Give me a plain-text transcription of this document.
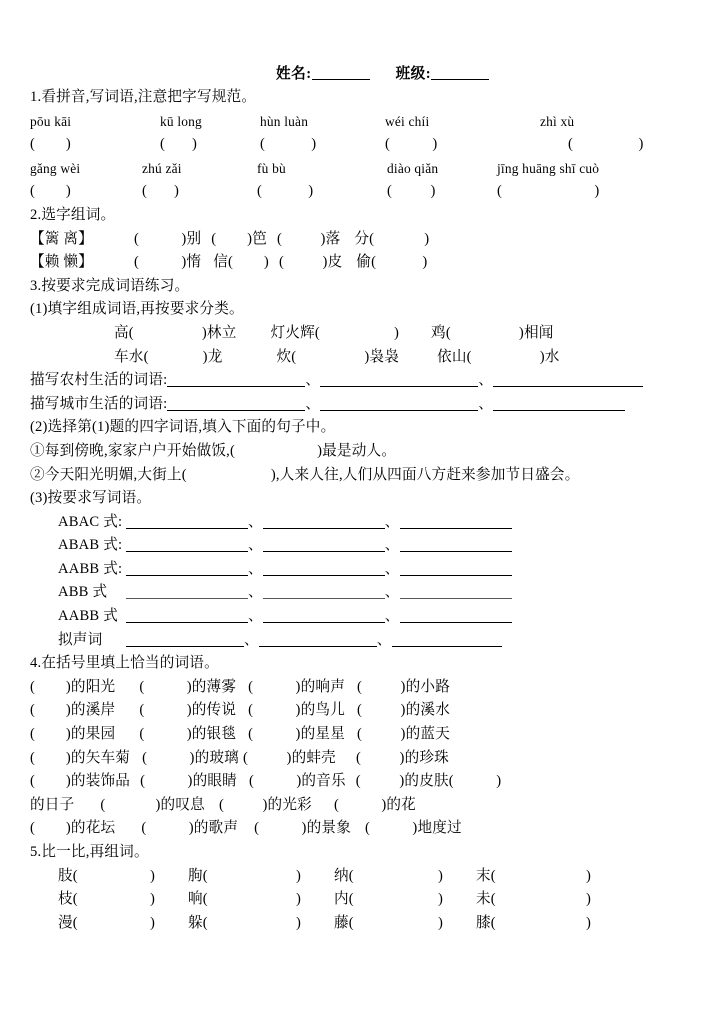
姓名:	班级:
1.看拼音,写词语,注意把字写规范。
pōu kāi	kū long	hùn luàn	wéi chíi	zhì xù
(        )	(       )	(            )	(           )	(                 )
gǎng wèi	zhú zǎi	fù bù	diào qiǎn	jīng huāng shī cuò
(        )	(       )	(            )	(          )	(                        )
2.选字组词。
【篱 离】	(           )别 (        )笆 (          )落 分(             )
【赖 懒】	(           )惰 信(        ) (          )皮 偷(            )
3.按要求完成词语练习。
(1)填字组成词语,再按要求分类。
高(	)林立 灯火辉(	) 鸡(	)相闻
车水(	)龙	炊(	)袅袅	依山(	)水
描写农村生活的词语:	、	、
描写城市生活的词语:	、	、
(2)选择第(1)题的四字词语,填入下面的句子中。
①每到傍晚,家家户户开始做饭,(	)最是动人。
②今天阳光明媚,大街上(	),人来人往,人们从四面八方赶来参加节日盛会。
(3)按要求写词语。
ABAC 式:	、	、
ABAB 式:	、	、
AABB 式:	、	、
ABB 式	、	、
AABB 式	、	、
拟声词	、	、
4.在括号里填上恰当的词语。
(        )的阳光 (           )的薄雾 (           )的响声 (          )的小路
(        )的溪岸 (           )的传说 (           )的鸟儿 (          )的溪水
(        )的果园 (           )的银毯 (           )的星星 (          )的蓝天
(        )的矢车菊 (           )的玻璃 (          )的蚌壳 (          )的珍珠
(        )的装饰品 (           )的眼睛 (           )的音乐 (          )的皮肤(           )
的日子 (             )的叹息 (          )的光彩 (           )的花
(        )的花坛 (           )的歌声 (           )的景象 (           )地度过
5.比一比,再组词。
肢(	) 朐(	) 纳(	) 末(	)
枝(	) 响(	) 内(	) 未(	)
漫(	) 躲(	) 藤(	) 膝(	)
